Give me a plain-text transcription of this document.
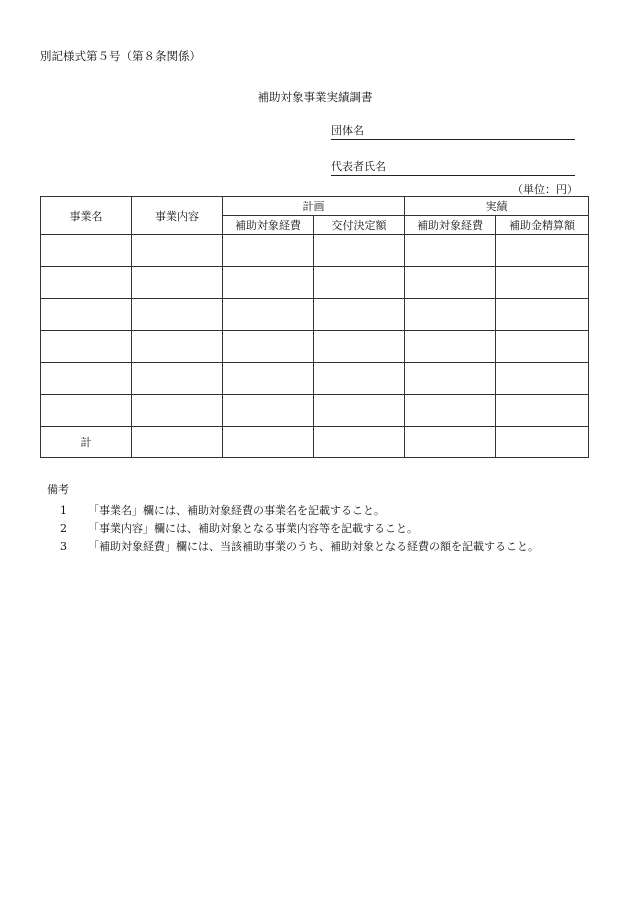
別記様式第５号（第８条関係）
補助対象事業実績調書
団体名
代表者氏名
（単位：円）
事業名	事業内容	計画		実績	
		補助対象経費	交付決定額	補助対象経費	補助金精算額

計					
備考
1	「事業名」欄には、補助対象経費の事業名を記載すること。
2	「事業内容」欄には、補助対象となる事業内容等を記載すること。
3	「補助対象経費」欄には、当該補助事業のうち、補助対象となる経費の額を記載すること。
